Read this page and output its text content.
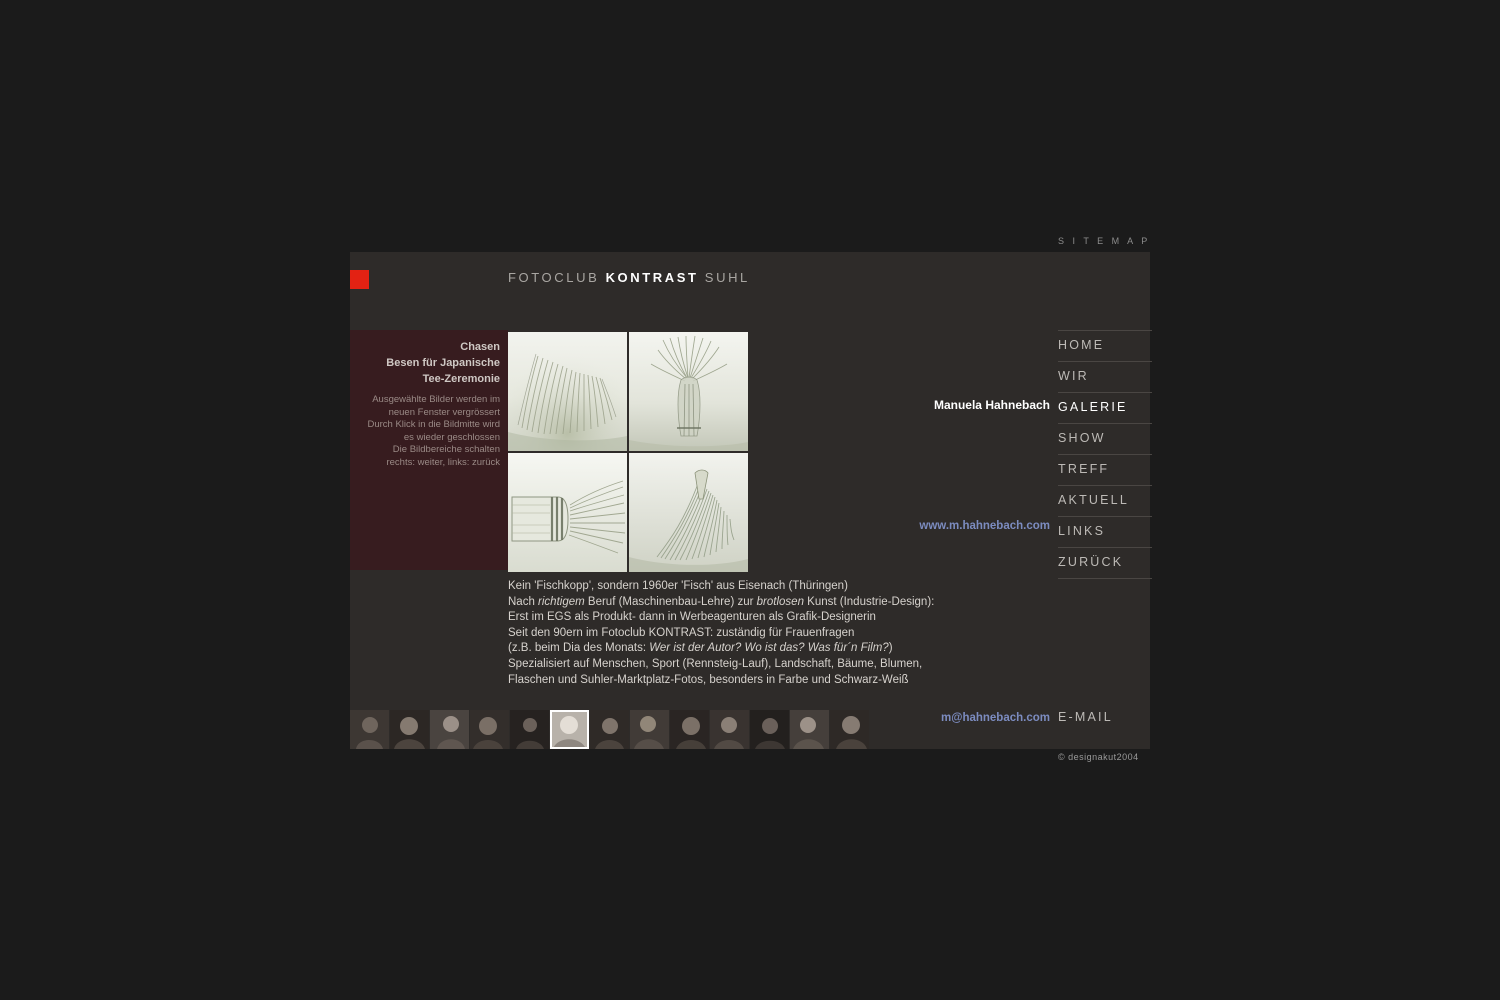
S I T E M A P
FOTOCLUB KONTRAST SUHL
Chasen
Besen für Japanische
Tee-Zeremonie
Ausgewählte Bilder werden im
neuen Fenster vergrössert
Durch Klick in die Bildmitte wird
es wieder geschlossen
Die Bildbereiche schalten
rechts: weiter, links: zurück
Manuela Hahnebach
www.m.hahnebach.com
m@hahnebach.com
HOME
WIR
GALERIE
SHOW
TREFF
AKTUELL
LINKS
ZURÜCK
E-MAIL
Kein 'Fischkopp', sondern 1960er 'Fisch' aus Eisenach (Thüringen)
Nach richtigem Beruf (Maschinenbau-Lehre) zur brotlosen Kunst (Industrie-Design):
Erst im EGS als Produkt- dann in Werbeagenturen als Grafik-Designerin
Seit den 90ern im Fotoclub KONTRAST: zuständig für Frauenfragen
(z.B. beim Dia des Monats: Wer ist der Autor? Wo ist das? Was für´n Film?)
Spezialisiert auf Menschen, Sport (Rennsteig-Lauf), Landschaft, Bäume, Blumen,
Flaschen und Suhler-Marktplatz-Fotos, besonders in Farbe und Schwarz-Weiß
© designakut2004
